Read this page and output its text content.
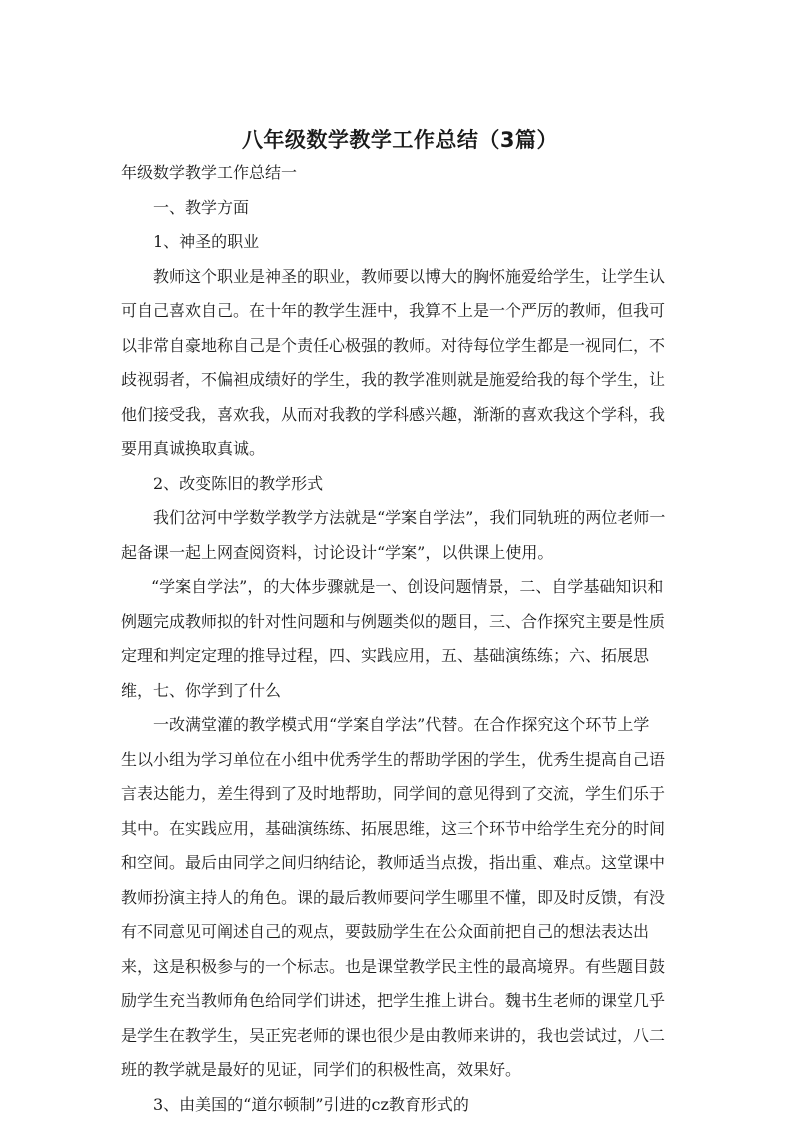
八年级数学教学工作总结（3篇）

年级数学教学工作总结一

一、教学方面

1、神圣的职业

教师这个职业是神圣的职业，教师要以博大的胸怀施爱给学生，让学生认

可自己喜欢自己。在十年的教学生涯中，我算不上是一个严厉的教师，但我可

以非常自豪地称自己是个责任心极强的教师。对待每位学生都是一视同仁，不

歧视弱者，不偏袒成绩好的学生，我的教学准则就是施爱给我的每个学生，让

他们接受我，喜欢我，从而对我教的学科感兴趣，渐渐的喜欢我这个学科，我

要用真诚换取真诚。

2、改变陈旧的教学形式

我们岔河中学数学教学方法就是“学案自学法”，我们同轨班的两位老师一

起备课一起上网查阅资料，讨论设计“学案”，以供课上使用。

“学案自学法”，的大体步骤就是一、创设问题情景，二、自学基础知识和

例题完成教师拟的针对性问题和与例题类似的题目，三、合作探究主要是性质

定理和判定定理的推导过程，四、实践应用，五、基础演练练；六、拓展思

维，七、你学到了什么

一改满堂灌的教学模式用“学案自学法”代替。在合作探究这个环节上学

生以小组为学习单位在小组中优秀学生的帮助学困的学生，优秀生提高自己语

言表达能力，差生得到了及时地帮助，同学间的意见得到了交流，学生们乐于

其中。在实践应用，基础演练练、拓展思维，这三个环节中给学生充分的时间

和空间。最后由同学之间归纳结论，教师适当点拨，指出重、难点。这堂课中

教师扮演主持人的角色。课的最后教师要问学生哪里不懂，即及时反馈，有没

有不同意见可阐述自己的观点，要鼓励学生在公众面前把自己的想法表达出

来，这是积极参与的一个标志。也是课堂教学民主性的最高境界。有些题目鼓

励学生充当教师角色给同学们讲述，把学生推上讲台。魏书生老师的课堂几乎

是学生在教学生，吴正宪老师的课也很少是由教师来讲的，我也尝试过，八二

班的教学就是最好的见证，同学们的积极性高，效果好。

3、由美国的“道尔顿制”引进的cz教育形式的
